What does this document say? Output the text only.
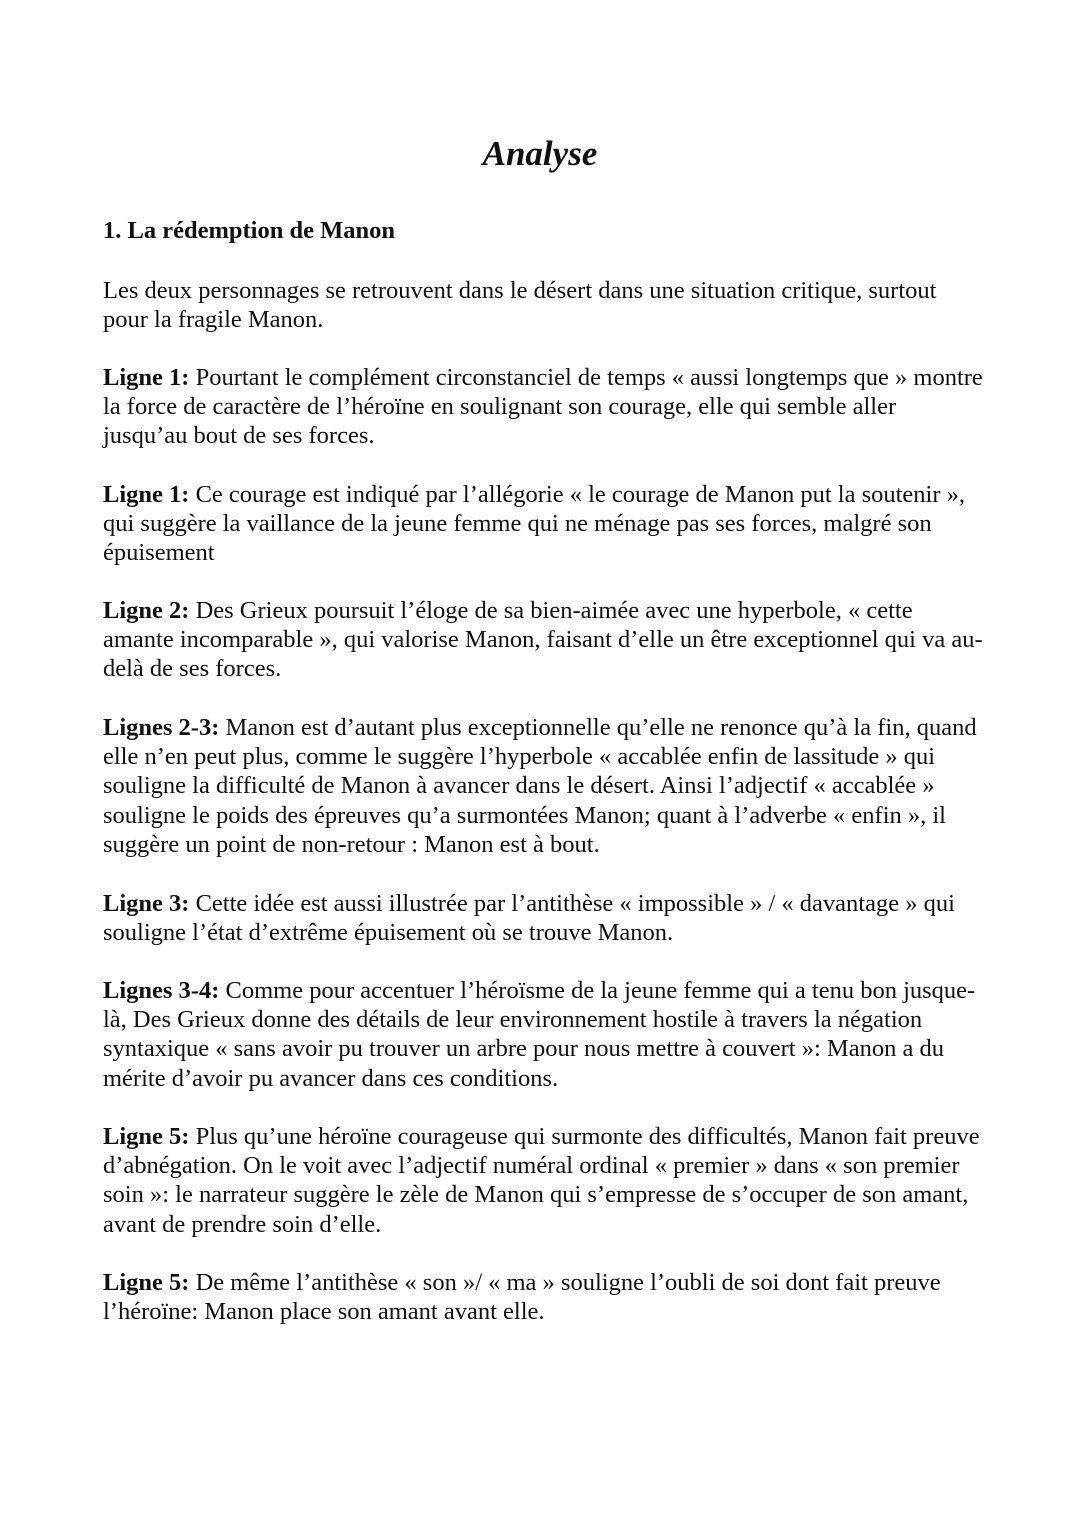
Analyse
1. La rédemption de Manon

Les deux personnages se retrouvent dans le désert dans une situation critique, surtout pour la fragile Manon.

Ligne 1: Pourtant le complément circonstanciel de temps « aussi longtemps que » montre la force de caractère de l’héroïne en soulignant son courage, elle qui semble aller jusqu’au bout de ses forces.

Ligne 1: Ce courage est indiqué par l’allégorie « le courage de Manon put la soutenir », qui suggère la vaillance de la jeune femme qui ne ménage pas ses forces, malgré son épuisement

Ligne 2: Des Grieux poursuit l’éloge de sa bien-aimée avec une hyperbole, « cette amante incomparable », qui valorise Manon, faisant d’elle un être exceptionnel qui va au-delà de ses forces.

Lignes 2-3: Manon est d’autant plus exceptionnelle qu’elle ne renonce qu’à la fin, quand elle n’en peut plus, comme le suggère l’hyperbole « accablée enfin de lassitude » qui souligne la difficulté de Manon à avancer dans le désert. Ainsi l’adjectif « accablée » souligne le poids des épreuves qu’a surmontées Manon; quant à l’adverbe « enfin », il suggère un point de non-retour : Manon est à bout.

Ligne 3: Cette idée est aussi illustrée par l’antithèse « impossible » / « davantage » qui souligne l’état d’extrême épuisement où se trouve Manon.

Lignes 3-4: Comme pour accentuer l’héroïsme de la jeune femme qui a tenu bon jusque-là, Des Grieux donne des détails de leur environnement hostile à travers la négation syntaxique « sans avoir pu trouver un arbre pour nous mettre à couvert »: Manon a du mérite d’avoir pu avancer dans ces conditions.

Ligne 5: Plus qu’une héroïne courageuse qui surmonte des difficultés, Manon fait preuve d’abnégation. On le voit avec l’adjectif numéral ordinal « premier » dans « son premier soin »: le narrateur suggère le zèle de Manon qui s’empresse de s’occuper de son amant, avant de prendre soin d’elle.

Ligne 5: De même l’antithèse « son »/ « ma » souligne l’oubli de soi dont fait preuve l’héroïne: Manon place son amant avant elle.
